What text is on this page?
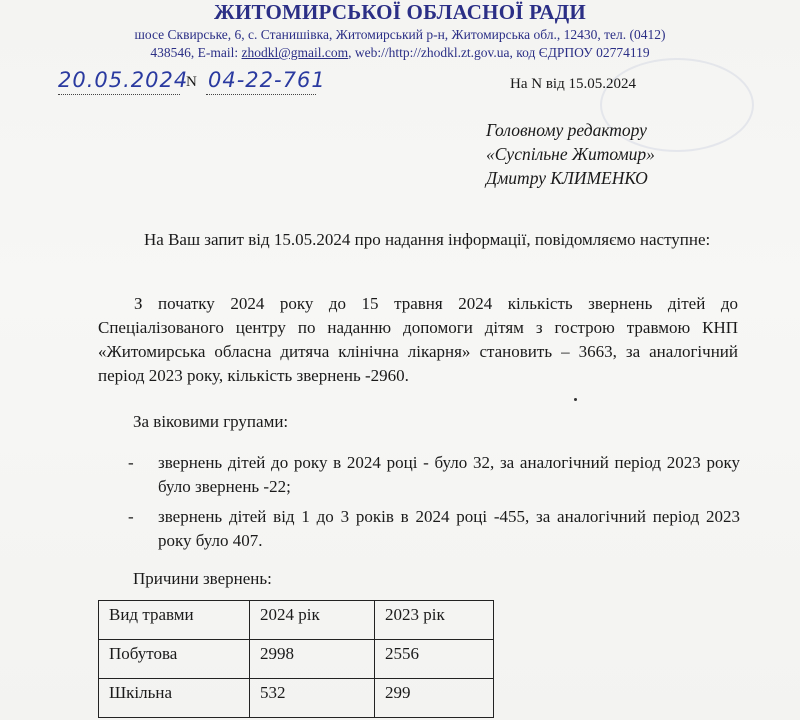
ЖИТОМИРСЬКОЇ ОБЛАСНОЇ РАДИ
шосе Сквирське, 6, с. Станишівка, Житомирський р-н, Житомирська обл., 12430, тел. (0412)
438546, E-mail: zhodkl@gmail.com, web://http://zhodkl.zt.gov.ua, код ЄДРПОУ 02774119
20.05.2024
N 04-22-761	На N від 15.05.2024
Головному редактору
«Суспільне Житомир»
Дмитру КЛИМЕНКО
На Ваш запит від 15.05.2024 про надання інформації, повідомляємо наступне:
З початку 2024 року до 15 травня 2024 кількість звернень дітей до Спеціалізованого центру по наданню допомоги дітям з гострою травмою КНП «Житомирська обласна дитяча клінічна лікарня» становить – 3663, за аналогічний період 2023 року, кількість звернень -2960.
За віковими групами:
- звернень дітей до року в 2024 році - було 32, за аналогічний період 2023 року було звернень -22;
- звернень дітей від 1 до 3 років в 2024 році -455, за аналогічний період 2023 року було 407.
Причини звернень:
Вид травми	2024 рік	2023 рік
Побутова	2998	2556
Шкільна	532	299
